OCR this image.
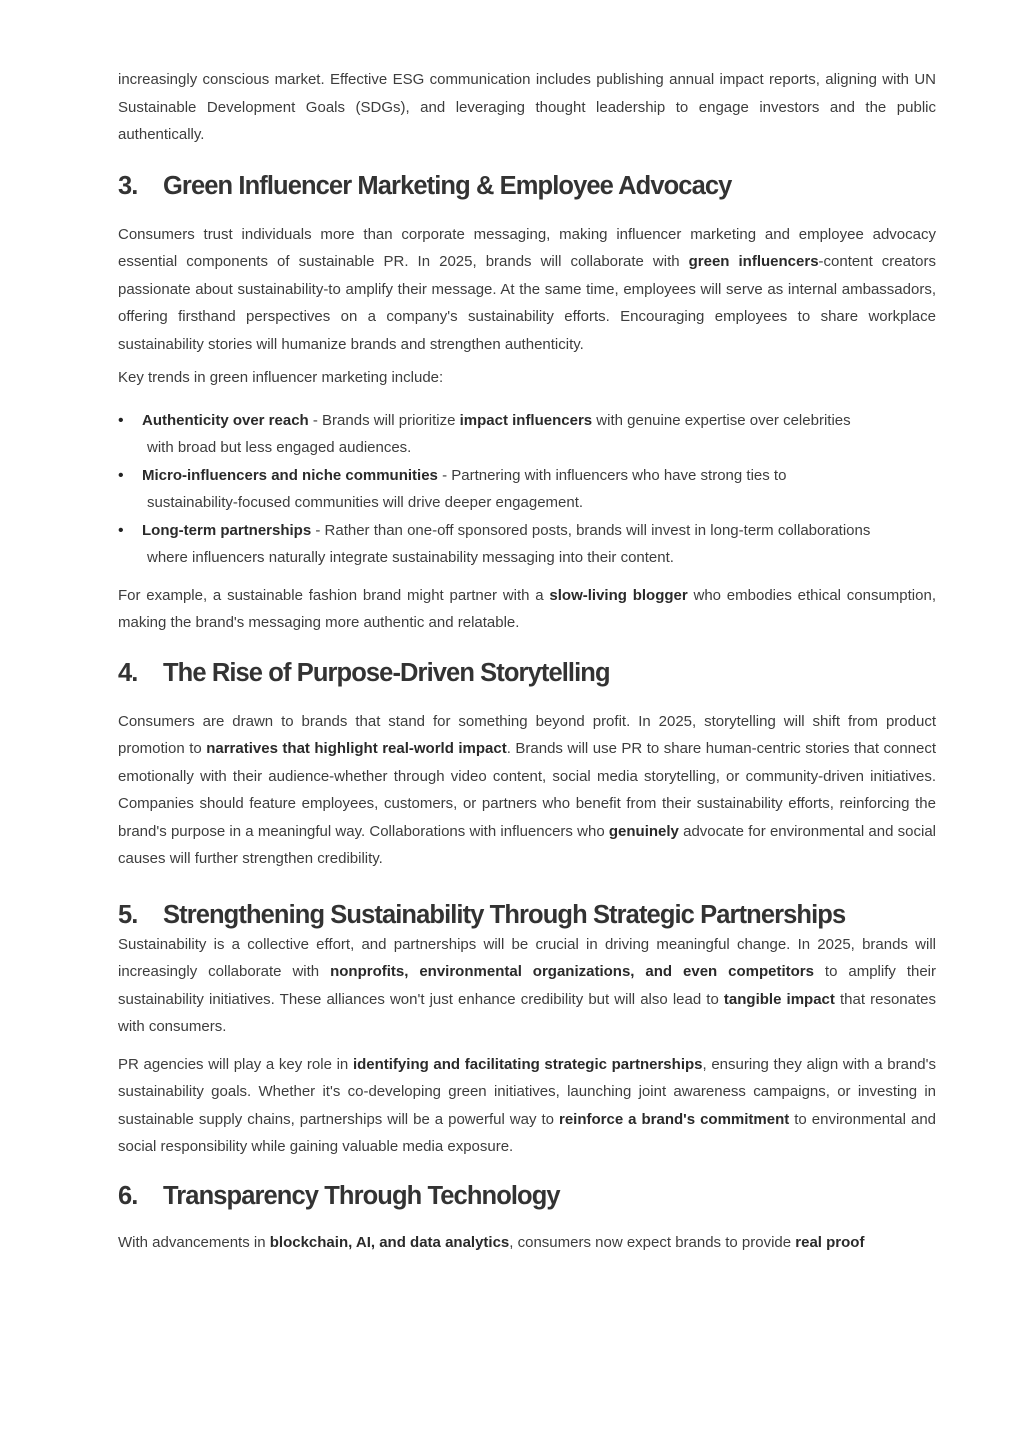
increasingly conscious market. Effective ESG communication includes publishing annual impact reports, aligning with UN Sustainable Development Goals (SDGs), and leveraging thought leadership to engage investors and the public authentically.

3.	Green Influencer Marketing & Employee Advocacy

Consumers trust individuals more than corporate messaging, making influencer marketing and employee advocacy essential components of sustainable PR. In 2025, brands will collaborate with green influencers-content creators passionate about sustainability-to amplify their message. At the same time, employees will serve as internal ambassadors, offering firsthand perspectives on a company's sustainability efforts. Encouraging employees to share workplace sustainability stories will humanize brands and strengthen authenticity.

Key trends in green influencer marketing include:

• Authenticity over reach - Brands will prioritize impact influencers with genuine expertise over celebrities
with broad but less engaged audiences.
• Micro-influencers and niche communities - Partnering with influencers who have strong ties to
sustainability-focused communities will drive deeper engagement.
• Long-term partnerships - Rather than one-off sponsored posts, brands will invest in long-term collaborations
where influencers naturally integrate sustainability messaging into their content.

For example, a sustainable fashion brand might partner with a slow-living blogger who embodies ethical consumption, making the brand's messaging more authentic and relatable.

4.	The Rise of Purpose-Driven Storytelling

Consumers are drawn to brands that stand for something beyond profit. In 2025, storytelling will shift from product promotion to narratives that highlight real-world impact. Brands will use PR to share human-centric stories that connect emotionally with their audience-whether through video content, social media storytelling, or community-driven initiatives. Companies should feature employees, customers, or partners who benefit from their sustainability efforts, reinforcing the brand's purpose in a meaningful way. Collaborations with influencers who genuinely advocate for environmental and social causes will further strengthen credibility.

5.	Strengthening Sustainability Through Strategic Partnerships

Sustainability is a collective effort, and partnerships will be crucial in driving meaningful change. In 2025, brands will increasingly collaborate with nonprofits, environmental organizations, and even competitors to amplify their sustainability initiatives. These alliances won't just enhance credibility but will also lead to tangible impact that resonates with consumers.

PR agencies will play a key role in identifying and facilitating strategic partnerships, ensuring they align with a brand's sustainability goals. Whether it's co-developing green initiatives, launching joint awareness campaigns, or investing in sustainable supply chains, partnerships will be a powerful way to reinforce a brand's commitment to environmental and social responsibility while gaining valuable media exposure.

6.	Transparency Through Technology

With advancements in blockchain, AI, and data analytics, consumers now expect brands to provide real proof
